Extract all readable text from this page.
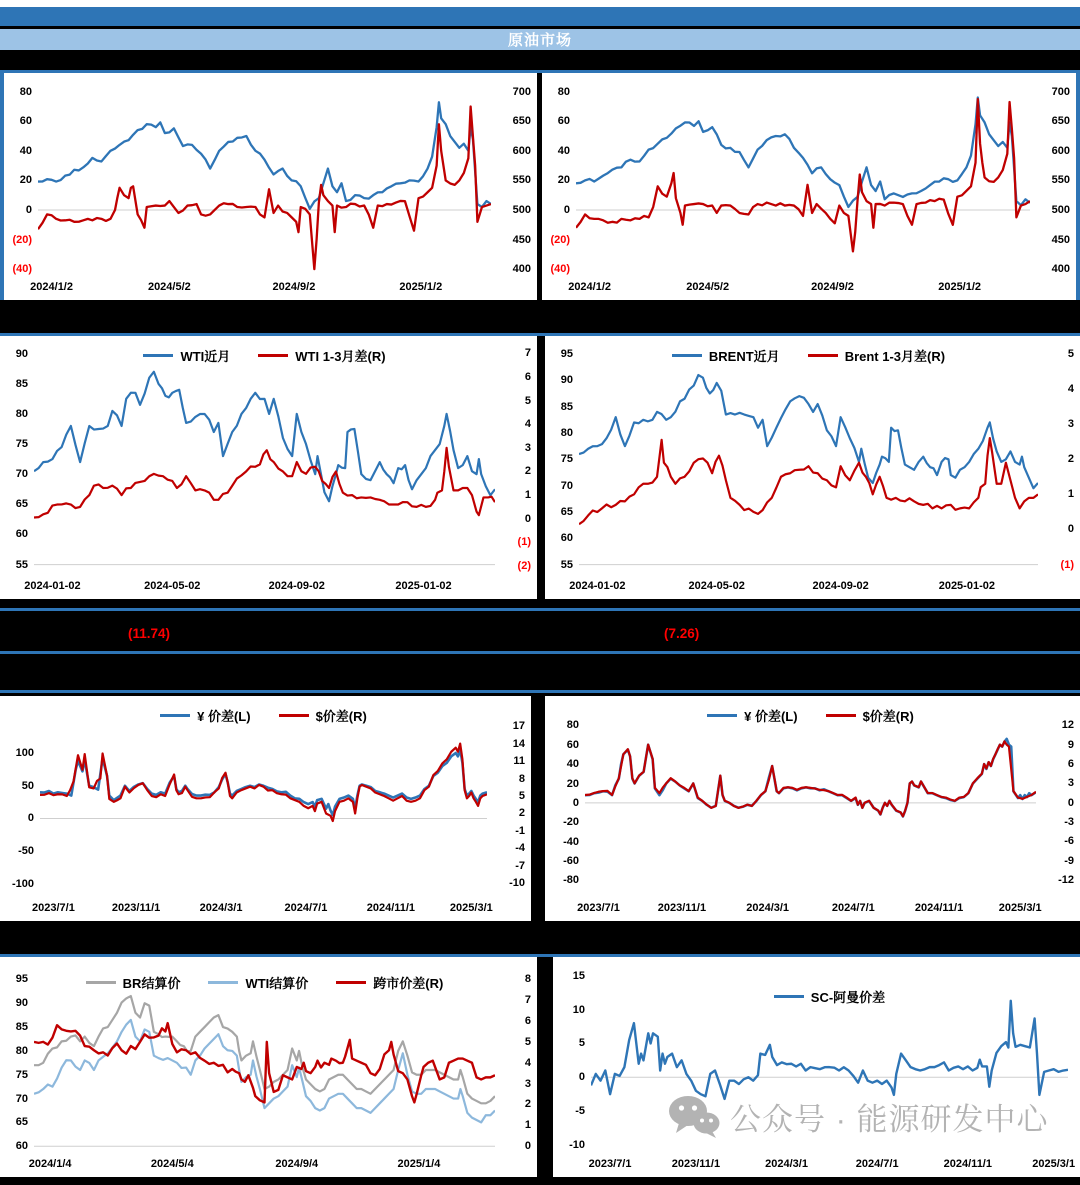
原油市场
80
60
40
20
0
(20)
(40)
700
650
600
550
500
450
400
2024/1/2	2024/5/2	2024/9/2	2025/1/2
80
60
40
20
0
(20)
(40)
700
650
600
550
500
450
400
2024/1/2	2024/5/2	2024/9/2	2025/1/2
90
85
80
75
70
65
60
55
7
6
5
4
3
2
1
0
(1)
(2)
2024-01-02	2024-05-02	2024-09-02	2025-01-02
WTI近月	WTI 1-3月差(R)	95
90
85
80
75
70
65
60
55
5
4
3
2
1
0
(1)
2024-01-02	2024-05-02	2024-09-02	2025-01-02
BRENT近月	Brent 1-3月差(R)
(11.74)	(7.26)
100
50
0
-50
-100
17
14
11
8
5
2
-1
-4
-7
-10
2023/7/1	2023/11/1	2024/3/1	2024/7/1	2024/11/1	2025/3/1
¥ 价差(L)	$价差(R)
80
60
40
20
0
-20
-40
-60
-80
12
9
6
3
0
-3
-6
-9
-12
2023/7/1	2023/11/1	2024/3/1	2024/7/1	2024/11/1	2025/3/1
¥ 价差(L)	$价差(R)
95
90
85
80
75
70
65
60
8
7
6
5
4
3
2
1
0
2024/1/4	2024/5/4	2024/9/4	2025/1/4
BR结算价	WTI结算价	跨市价差(R)
15
10
5
0
-5
-10
2023/7/1	2023/11/1	2024/3/1	2024/7/1	2024/11/1	2025/3/1
SC-阿曼价差
公众号 · 能源研发中心
